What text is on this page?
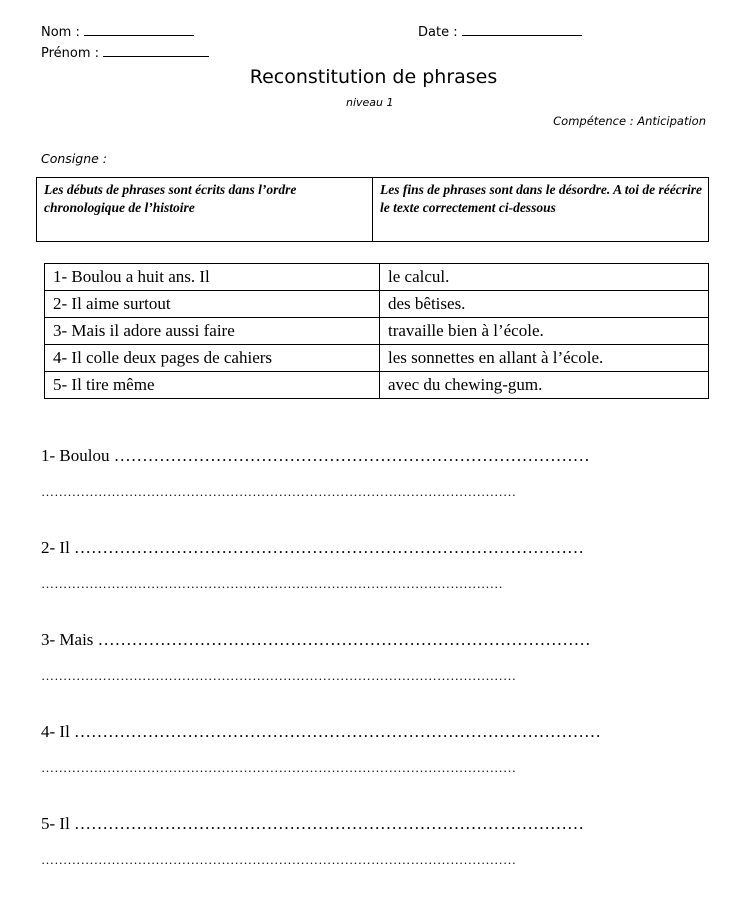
Nom :
Prénom :
Date :
Reconstitution de phrases
niveau 1
Compétence : Anticipation
Consigne :
Les débuts de phrases sont écrits dans l’ordre chronologique de l’histoire	Les fins de phrases sont dans le désordre. A toi de réécrire le texte correctement ci-dessous
1- Boulou a huit ans. Il	le calcul.
2- Il aime surtout	des bêtises.
3- Mais il adore aussi faire	travaille bien à l’école.
4- Il colle deux pages de cahiers	les sonnettes en allant à l’école.
5- Il tire même	avec du chewing-gum.
1- Boulou …………………………………………………………………………
………………………………………………………………………………………………
2- Il ………………………………………………………………………………
……………………………………………………………………………………………
3- Mais ……………………………………………………………………………
………………………………………………………………………………………………
4- Il …………………………………………………………………………………
………………………………………………………………………………………………
5- Il ………………………………………………………………………………
………………………………………………………………………………………………
